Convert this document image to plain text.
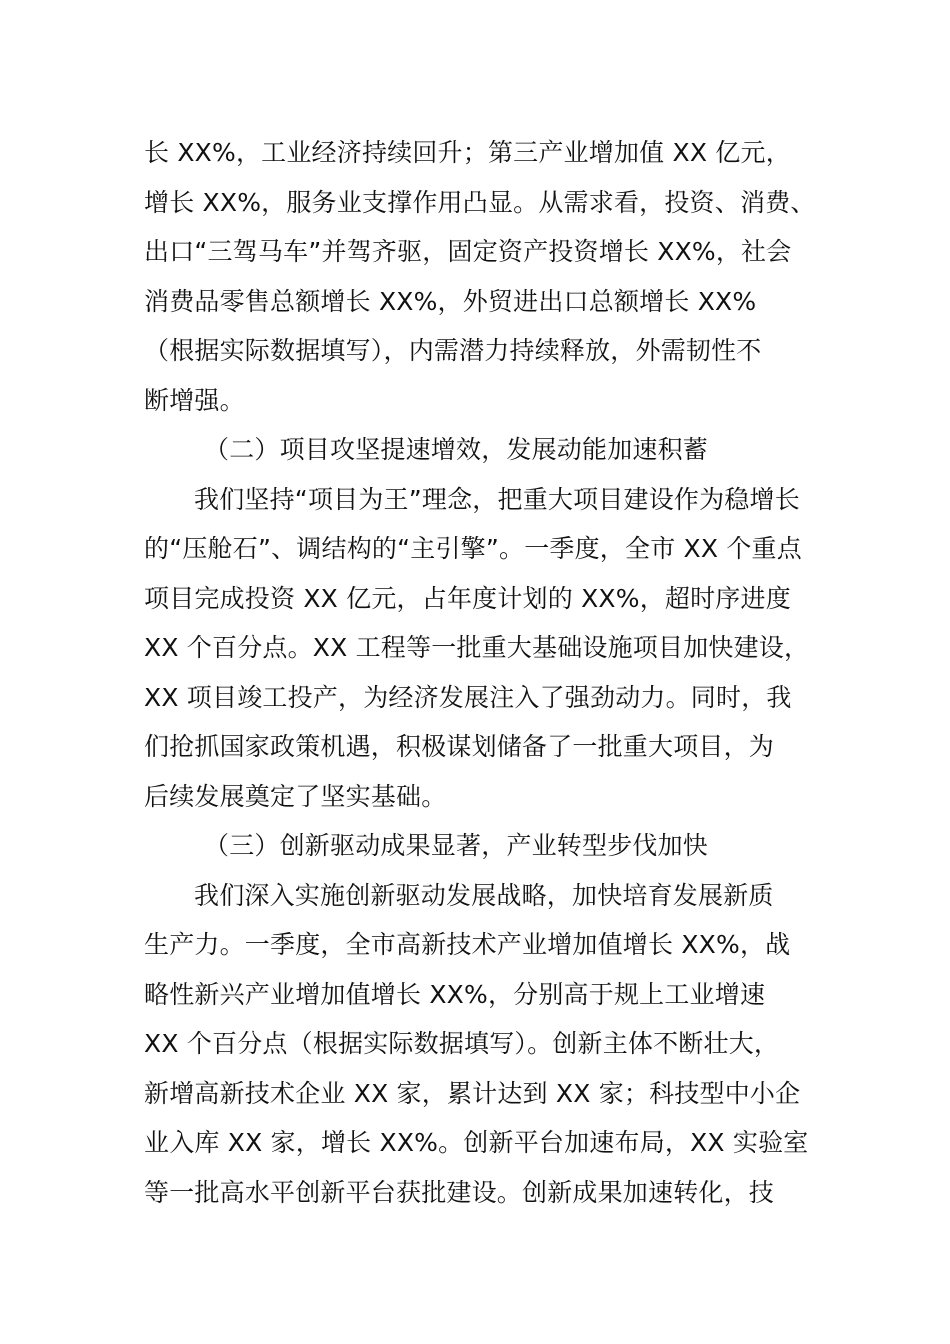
长 XX%，工业经济持续回升；第三产业增加值 XX 亿元，
增长 XX%，服务业支撑作用凸显。从需求看，投资、消费、
出口“三驾马车”并驾齐驱，固定资产投资增长 XX%，社会
消费品零售总额增长 XX%，外贸进出口总额增长 XX%
（根据实际数据填写），内需潜力持续释放，外需韧性不
断增强。
（二）项目攻坚提速增效，发展动能加速积蓄
我们坚持“项目为王”理念，把重大项目建设作为稳增长
的“压舱石”、调结构的“主引擎”。一季度，全市 XX 个重点
项目完成投资 XX 亿元，占年度计划的 XX%，超时序进度
XX 个百分点。XX 工程等一批重大基础设施项目加快建设，
XX 项目竣工投产，为经济发展注入了强劲动力。同时，我
们抢抓国家政策机遇，积极谋划储备了一批重大项目，为
后续发展奠定了坚实基础。
（三）创新驱动成果显著，产业转型步伐加快
我们深入实施创新驱动发展战略，加快培育发展新质
生产力。一季度，全市高新技术产业增加值增长 XX%，战
略性新兴产业增加值增长 XX%，分别高于规上工业增速
XX 个百分点（根据实际数据填写）。创新主体不断壮大，
新增高新技术企业 XX 家，累计达到 XX 家；科技型中小企
业入库 XX 家，增长 XX%。创新平台加速布局，XX 实验室
等一批高水平创新平台获批建设。创新成果加速转化，技
